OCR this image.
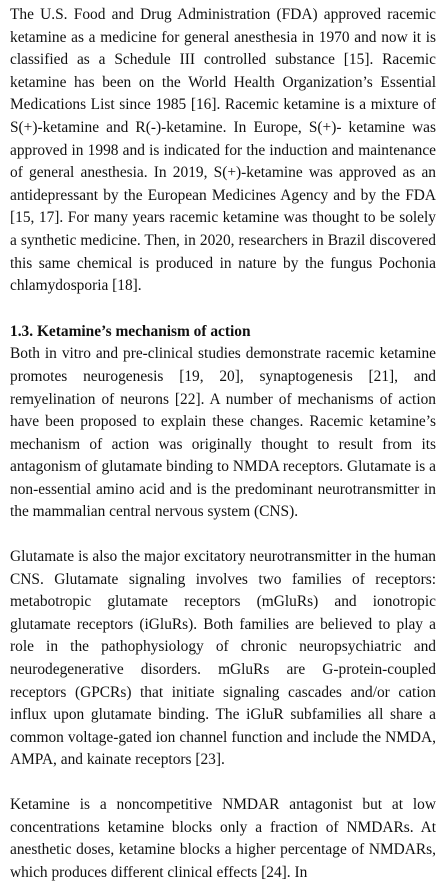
The U.S. Food and Drug Administration (FDA) approved racemic ketamine as a medicine for general anesthesia in 1970 and now it is classified as a Schedule III controlled substance [15]. Racemic ketamine has been on the World Health Organization’s Essential Medications List since 1985 [16]. Racemic ketamine is a mixture of S(+)-ketamine and R(-)-ketamine. In Europe, S(+)- ketamine was approved in 1998 and is indicated for the induction and maintenance of general anesthesia. In 2019, S(+)-ketamine was approved as an antidepressant by the European Medicines Agency and by the FDA [15, 17]. For many years racemic ketamine was thought to be solely a synthetic medicine. Then, in 2020, researchers in Brazil discovered this same chemical is produced in nature by the fungus Pochonia chlamydosporia [18].

1.3. Ketamine’s mechanism of action

Both in vitro and pre-clinical studies demonstrate racemic ketamine promotes neurogenesis [19, 20], synaptogenesis [21], and remyelination of neurons [22]. A number of mechanisms of action have been proposed to explain these changes. Racemic ketamine’s mechanism of action was originally thought to result from its antagonism of glutamate binding to NMDA receptors. Glutamate is a non-essential amino acid and is the predominant neurotransmitter in the mammalian central nervous system (CNS).

Glutamate is also the major excitatory neurotransmitter in the human CNS. Glutamate signaling involves two families of receptors: metabotropic glutamate receptors (mGluRs) and ionotropic glutamate receptors (iGluRs). Both families are believed to play a role in the pathophysiology of chronic neuropsychiatric and neurodegenerative disorders. mGluRs are G-protein-coupled receptors (GPCRs) that initiate signaling cascades and/or cation influx upon glutamate binding. The iGluR subfamilies all share a common voltage-gated ion channel function and include the NMDA, AMPA, and kainate receptors [23].

Ketamine is a noncompetitive NMDAR antagonist but at low concentrations ketamine blocks only a fraction of NMDARs. At anesthetic doses, ketamine blocks a higher percentage of NMDARs, which produces different clinical effects [24]. In
